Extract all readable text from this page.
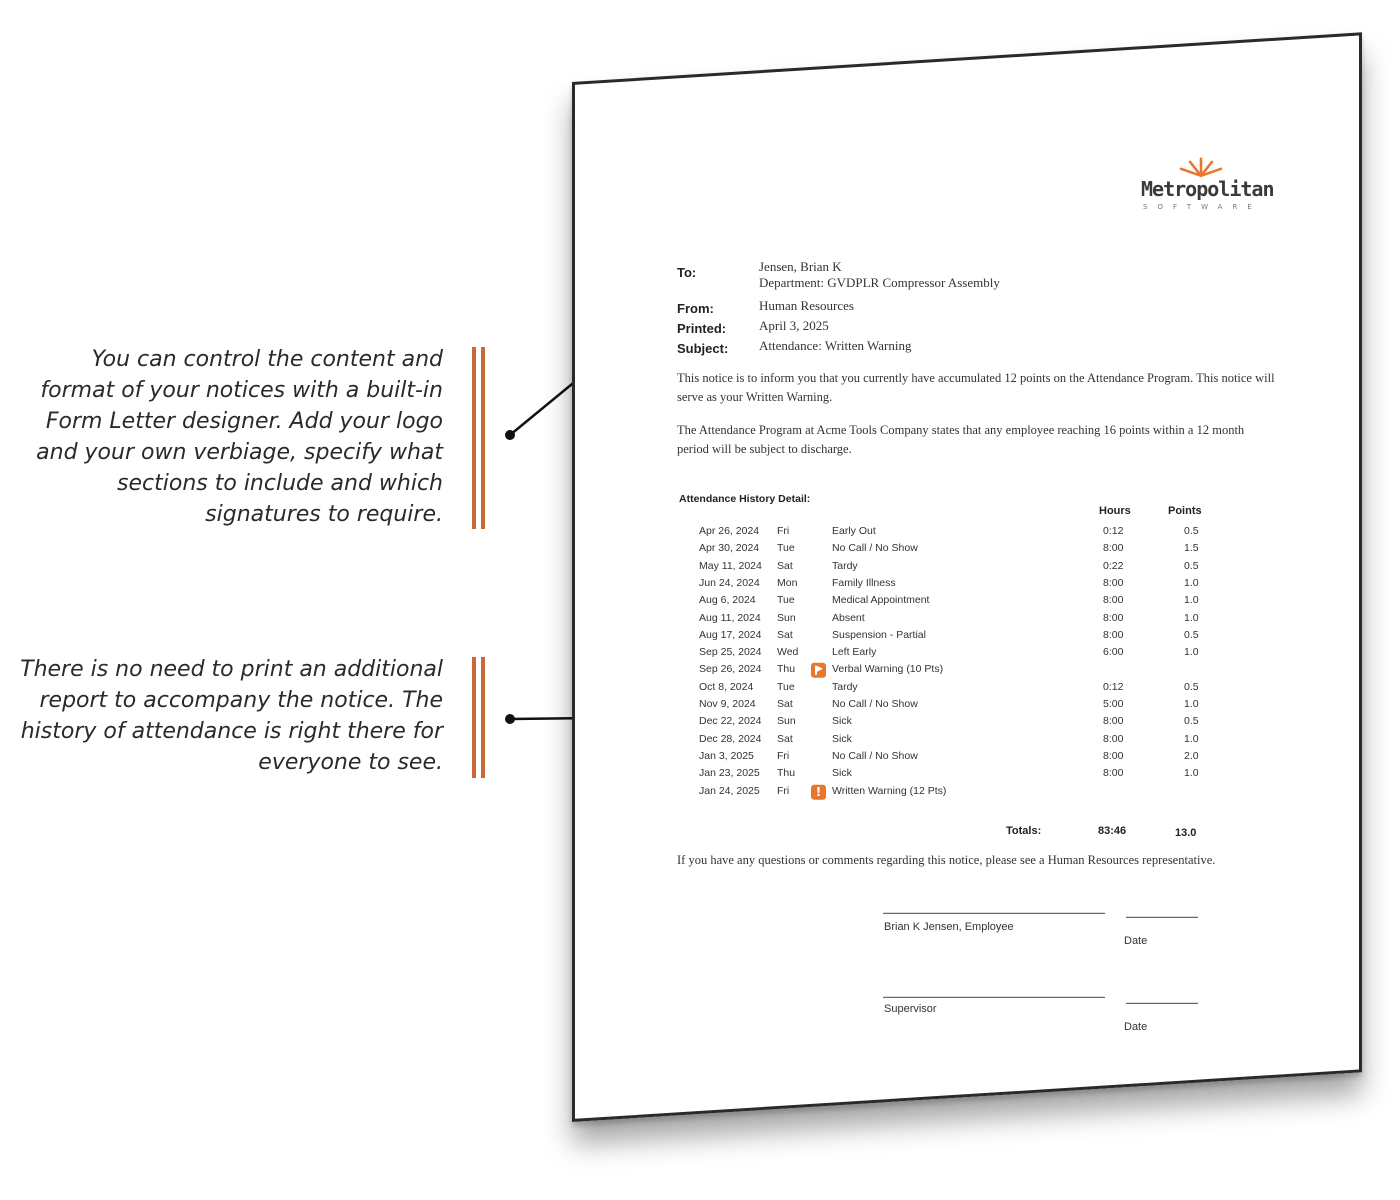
You can control the content and format of your notices with a built-in Form Letter designer. Add your logo and your own verbiage, specify what sections to include and which signatures to require.
There is no need to print an additional report to accompany the notice. The history of attendance is right there for everyone to see.
Metropolitan
SOFTWARE
To:	Jensen, Brian K
Department: GVDPLR Compressor Assembly
From:	Human Resources
Printed:	April 3, 2025
Subject: Attendance: Written Warning
This notice is to inform you that you currently have accumulated 12 points on the Attendance Program. This notice will serve as your Written Warning.
The Attendance Program at Acme Tools Company states that any employee reaching 16 points within a 12 month period will be subject to discharge.
Attendance History Detail:
Hours	Points
Apr 26, 2024 Fri	Early Out	0:12	0.5
Apr 30, 2024 Tue	No Call / No Show	8:00	1.5
May 11, 2024 Sat	Tardy	0:22	0.5
Jun 24, 2024 Mon	Family Illness	8:00	1.0
Aug 6, 2024 Tue	Medical Appointment	8:00	1.0
Aug 11, 2024 Sun	Absent	8:00	1.0
Aug 17, 2024 Sat	Suspension - Partial	8:00	0.5
Sep 25, 2024 Wed	Left Early	6:00	1.0
Sep 26, 2024 Thu	Verbal Warning (10 Pts)
Oct 8, 2024 Tue	Tardy	0:12	0.5
Nov 9, 2024 Sat	No Call / No Show	5:00	1.0
Dec 22, 2024 Sun	Sick	8:00	0.5
Dec 28, 2024 Sat	Sick	8:00	1.0
Jan 3, 2025 Fri	No Call / No Show	8:00	2.0
Jan 23, 2025 Thu	Sick	8:00	1.0
Jan 24, 2025 Fri	Written Warning (12 Pts)
!
Totals:	83:46	13.0
If you have any questions or comments regarding this notice, please see a Human Resources representative.
Brian K Jensen, Employee
Date
Supervisor
Date
